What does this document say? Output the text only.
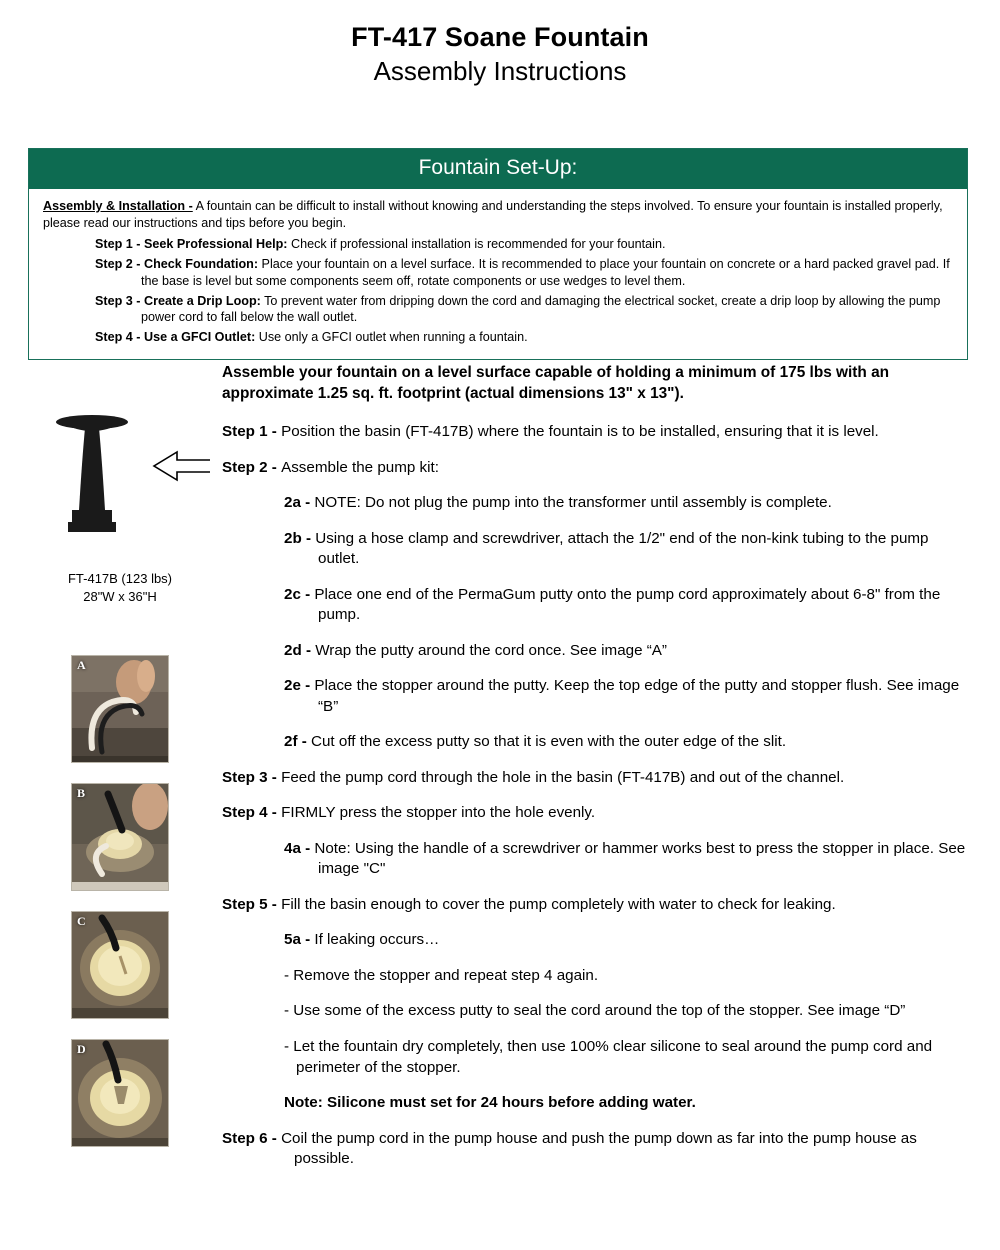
FT-417 Soane Fountain
Assembly Instructions
Fountain Set-Up:
Assembly & Installation - A fountain can be difficult to install without knowing and understanding the steps involved. To ensure your fountain is installed properly, please read our instructions and tips before you begin.
Step 1 - Seek Professional Help: Check if professional installation is recommended for your fountain.
Step 2 - Check Foundation: Place your fountain on a level surface. It is recommended to place your fountain on concrete or a hard packed gravel pad. If the base is level but some components seem off, rotate components or use wedges to level them.
Step 3 - Create a Drip Loop: To prevent water from dripping down the cord and damaging the electrical socket, create a drip loop by allowing the pump power cord to fall below the wall outlet.
Step 4 - Use a GFCI Outlet: Use only a GFCI outlet when running a fountain.
FT-417B (123 lbs)
28"W x 36"H
A
B
C
D
Assemble your fountain on a level surface capable of holding a minimum of 175 lbs with an approximate 1.25 sq. ft. footprint (actual dimensions 13" x 13").
Step 1 - Position the basin (FT-417B) where the fountain is to be installed, ensuring that it is level.
Step 2 - Assemble the pump kit:
2a - NOTE: Do not plug the pump into the transformer until assembly is complete.
2b - Using a hose clamp and screwdriver, attach the 1/2" end of the non-kink tubing to the pump outlet.
2c - Place one end of the PermaGum putty onto the pump cord approximately about 6-8" from the pump.
2d - Wrap the putty around the cord once. See image “A”
2e - Place the stopper around the putty. Keep the top edge of the putty and stopper flush. See image “B”
2f - Cut off the excess putty so that it is even with the outer edge of the slit.
Step 3 - Feed the pump cord through the hole in the basin (FT-417B) and out of the channel.
Step 4 - FIRMLY press the stopper into the hole evenly.
4a - Note: Using the handle of a screwdriver or hammer works best to press the stopper in place. See image "C"
Step 5 - Fill the basin enough to cover the pump completely with water to check for leaking.
5a - If leaking occurs…
- Remove the stopper and repeat step 4 again.
- Use some of the excess putty to seal the cord around the top of the stopper. See image “D”
- Let the fountain dry completely, then use 100% clear silicone to seal around the pump cord and perimeter of the stopper.
Note: Silicone must set for 24 hours before adding water.
Step 6 - Coil the pump cord in the pump house and push the pump down as far into the pump house as possible.
